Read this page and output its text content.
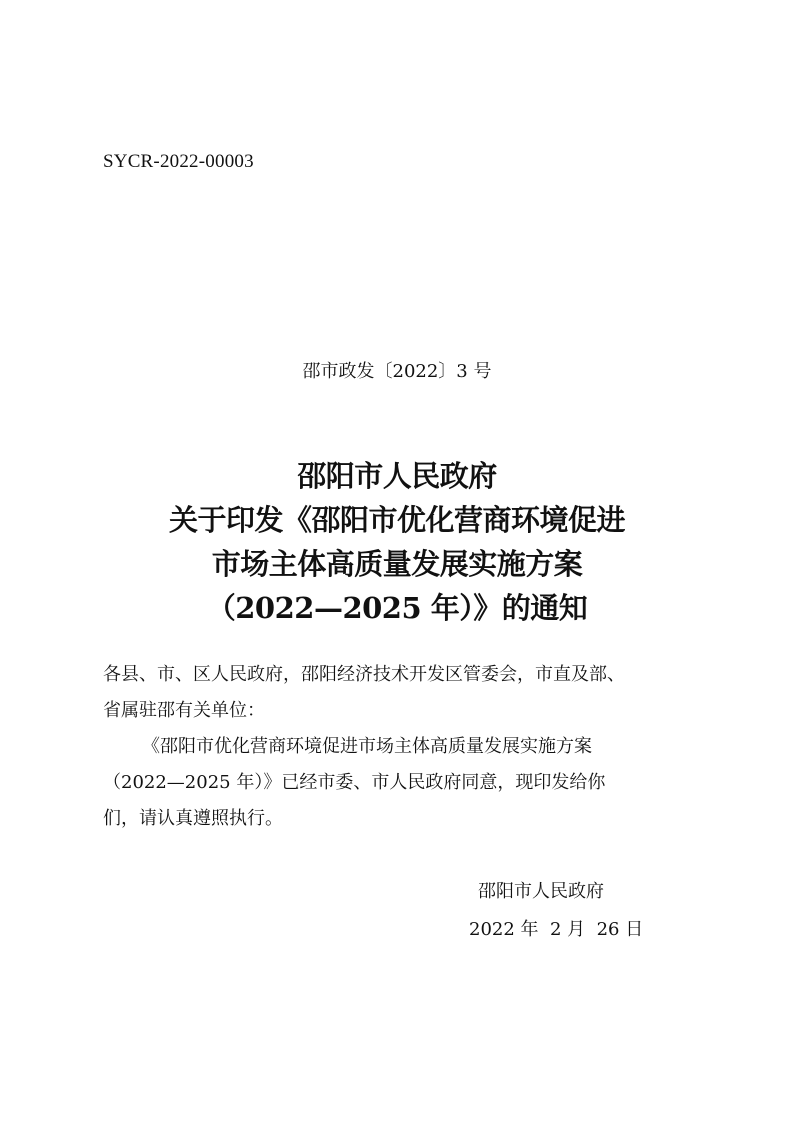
SYCR-2022-00003
邵市政发〔2022〕3 号
邵阳市人民政府
关于印发《邵阳市优化营商环境促进
市场主体高质量发展实施方案
（2022—2025 年）》的通知

各县、市、区人民政府，邵阳经济技术开发区管委会，市直及部、

省属驻邵有关单位：

《邵阳市优化营商环境促进市场主体高质量发展实施方案

（2022—2025 年）》已经市委、市人民政府同意，现印发给你

们，请认真遵照执行。

邵阳市人民政府
2022 年  2 月  26 日
